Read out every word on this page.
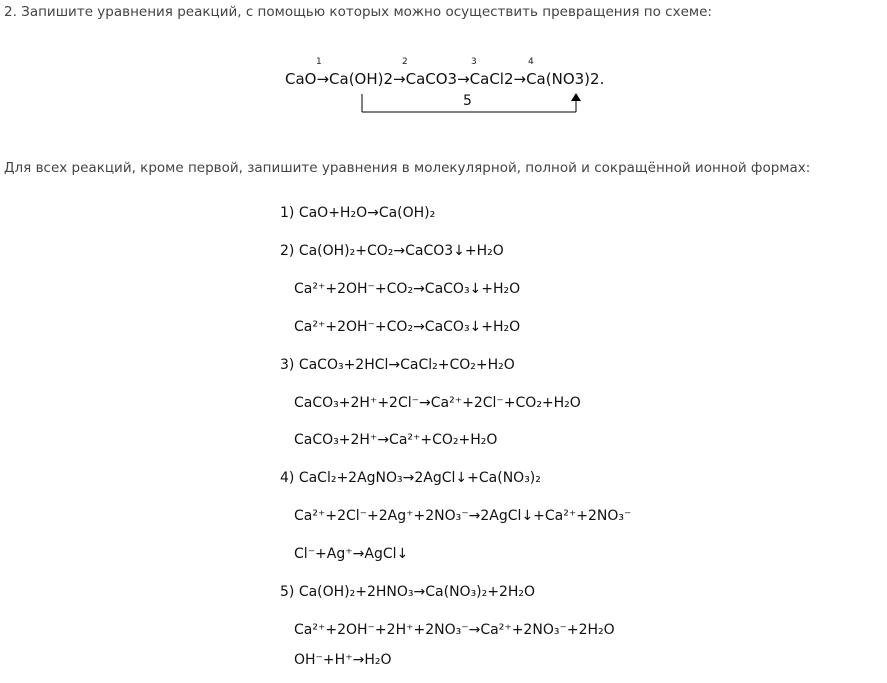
2. Запишите уравнения реакций, с помощью которых можно осуществить превращения по схеме:
1	2	3	4
CaO→Ca(OH)2→CaCO3→CaCl2→Ca(NO3)2.
5
Для всех реакций, кроме первой, запишите уравнения в молекулярной, полной и сокращённой ионной формах:
1) CaO+H₂O→Ca(OH)₂
2) Ca(OH)₂+CO₂→CaCO3↓+H₂O
Ca²⁺+2OH⁻+CO₂→CaCO₃↓+H₂O
Ca²⁺+2OH⁻+CO₂→CaCO₃↓+H₂O
3) CaCO₃+2HCl→CaCl₂+CO₂+H₂O
CaCO₃+2H⁺+2Cl⁻→Ca²⁺+2Cl⁻+CO₂+H₂O
CaCO₃+2H⁺→Ca²⁺+CO₂+H₂O
4) CaCl₂+2AgNO₃→2AgCl↓+Ca(NO₃)₂
Ca²⁺+2Cl⁻+2Ag⁺+2NO₃⁻→2AgCl↓+Ca²⁺+2NO₃⁻
Cl⁻+Ag⁺→AgCl↓
5) Ca(OH)₂+2HNO₃→Ca(NO₃)₂+2H₂O
Ca²⁺+2OH⁻+2H⁺+2NO₃⁻→Ca²⁺+2NO₃⁻+2H₂O
OH⁻+H⁺→H₂O
